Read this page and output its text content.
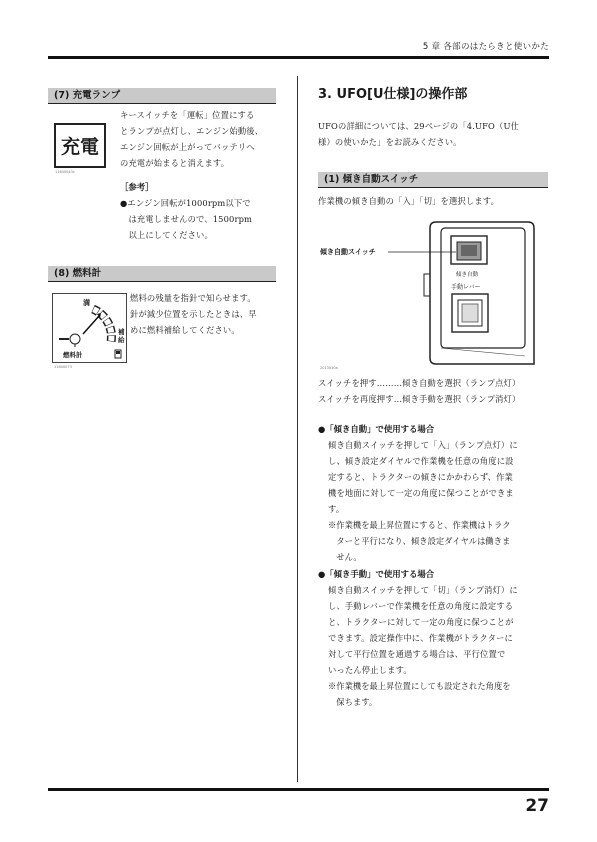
5 章 各部のはたらきと使いかた
(7) 充電ランプ
充電
11640043c
キースイッチを「運転」位置にする
とランプが点灯し、エンジン始動後、
エンジン回転が上がってバッテリへ
の充電が始まると消えます。
［参考］
●エンジン回転が1000rpm以下で
　は充電しませんので、1500rpm
　以上にしてください。
(8) 燃料計
満
補給
燃料計
11640073
燃料の残量を指針で知らせます。
針が減少位置を示したときは、早
めに燃料補給してください。
3. UFO[U仕様]の操作部
UFOの詳細については、29ページの「4.UFO（U仕
様）の使いかた」をお読みください。
(1) 傾き自動スイッチ
作業機の傾き自動の「入」「切」を選択します。
傾き自動スイッチ
傾き自動
手動レバー
2013010a
スイッチを押す………傾き自動を選択（ランプ点灯）
スイッチを再度押す…傾き手動を選択（ランプ消灯）
●「傾き自動」で使用する場合
傾き自動スイッチを押して「入」（ランプ点灯）に
し、傾き設定ダイヤルで作業機を任意の角度に設
定すると、トラクターの傾きにかかわらず、作業
機を地面に対して一定の角度に保つことができま
す。
※作業機を最上昇位置にすると、作業機はトラク
　ターと平行になり、傾き設定ダイヤルは働きま
　せん。
●「傾き手動」で使用する場合
傾き自動スイッチを押して「切」（ランプ消灯）に
し、手動レバーで作業機を任意の角度に設定する
と、トラクターに対して一定の角度に保つことが
できます。設定操作中に、作業機がトラクターに
対して平行位置を通過する場合は、平行位置で
いったん停止します。
※作業機を最上昇位置にしても設定された角度を
　保ちます。
27
